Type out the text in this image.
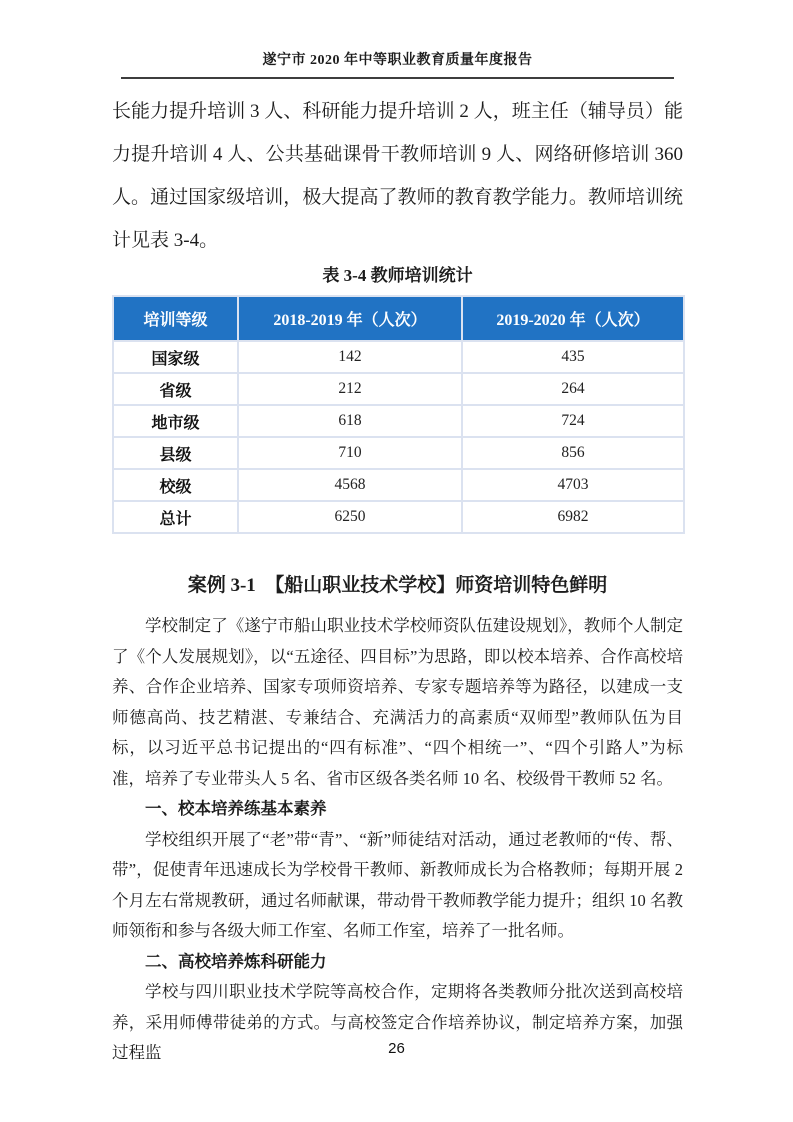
遂宁市 2020 年中等职业教育质量年度报告

长能力提升培训 3 人、科研能力提升培训 2 人，班主任（辅导员）能力提升培训 4 人、公共基础课骨干教师培训 9 人、网络研修培训 360 人。通过国家级培训，极大提高了教师的教育教学能力。教师培训统计见表 3-4。

表 3-4 教师培训统计
培训等级	2018-2019 年（人次）	2019-2020 年（人次）
国家级	142	435
省级	212	264
地市级	618	724
县级	710	856
校级	4568	4703
总计	6250	6982
案例 3-1　【船山职业技术学校】师资培训特色鲜明

学校制定了《遂宁市船山职业技术学校师资队伍建设规划》，教师个人制定了《个人发展规划》，以“五途径、四目标”为思路，即以校本培养、合作高校培养、合作企业培养、国家专项师资培养、专家专题培养等为路径，以建成一支师德高尚、技艺精湛、专兼结合、充满活力的高素质“双师型”教师队伍为目标，以习近平总书记提出的“四有标准”、“四个相统一”、“四个引路人”为标准，培养了专业带头人 5 名、省市区级各类名师 10 名、校级骨干教师 52 名。

一、校本培养练基本素养

学校组织开展了“老”带“青”、“新”师徒结对活动，通过老教师的“传、帮、带”，促使青年迅速成长为学校骨干教师、新教师成长为合格教师；每期开展 2 个月左右常规教研，通过名师献课，带动骨干教师教学能力提升；组织 10 名教师领衔和参与各级大师工作室、名师工作室，培养了一批名师。

二、高校培养炼科研能力

学校与四川职业技术学院等高校合作，定期将各类教师分批次送到高校培养，采用师傅带徒弟的方式。与高校签定合作培养协议，制定培养方案，加强过程监	26
